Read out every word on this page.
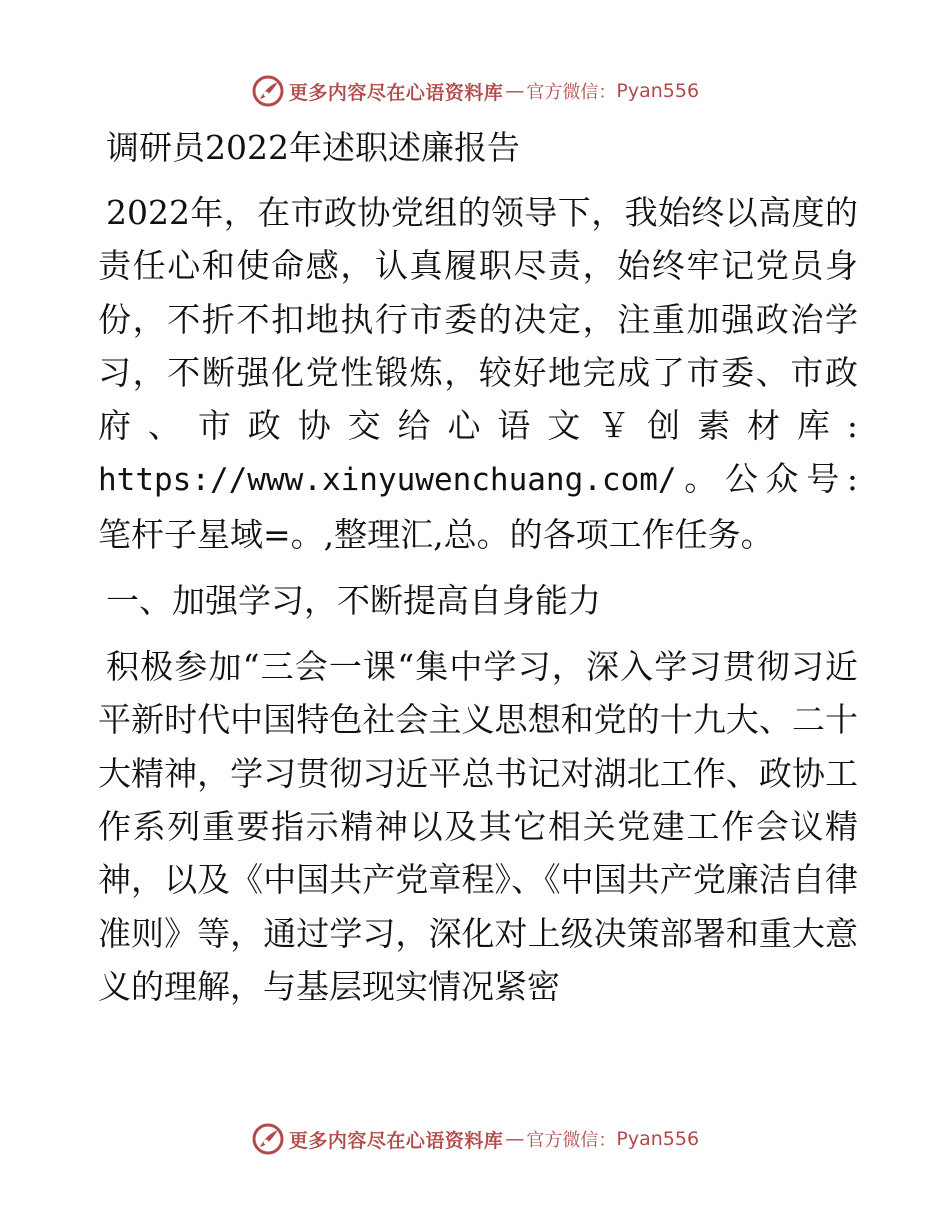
更多内容尽在心语资料库 — 官方微信： Pyan556
调研员2022年述职述廉报告

2022年，在市政协党组的领导下，我始终以高度的责任心和使命感，认真履职尽责，始终牢记党员身份，不折不扣地执行市委的决定，注重加强政治学习，不断强化党性锻炼，较好地完成了市委、市政府、市政协交给心语文￥创素材库: https://www.xinyuwenchuang.com/。公众号: 笔杆子星域=。,整理汇,总。的各项工作任务。

一、加强学习，不断提高自身能力

积极参加“三会一课“集中学习，深入学习贯彻习近平新时代中国特色社会主义思想和党的十九大、二十大精神，学习贯彻习近平总书记对湖北工作、政协工作系列重要指示精神以及其它相关党建工作会议精神，以及《中国共产党章程》、《中国共产党廉洁自律准则》等，通过学习，深化对上级决策部署和重大意义的理解，与基层现实情况紧密

更多内容尽在心语资料库 — 官方微信： Pyan556
